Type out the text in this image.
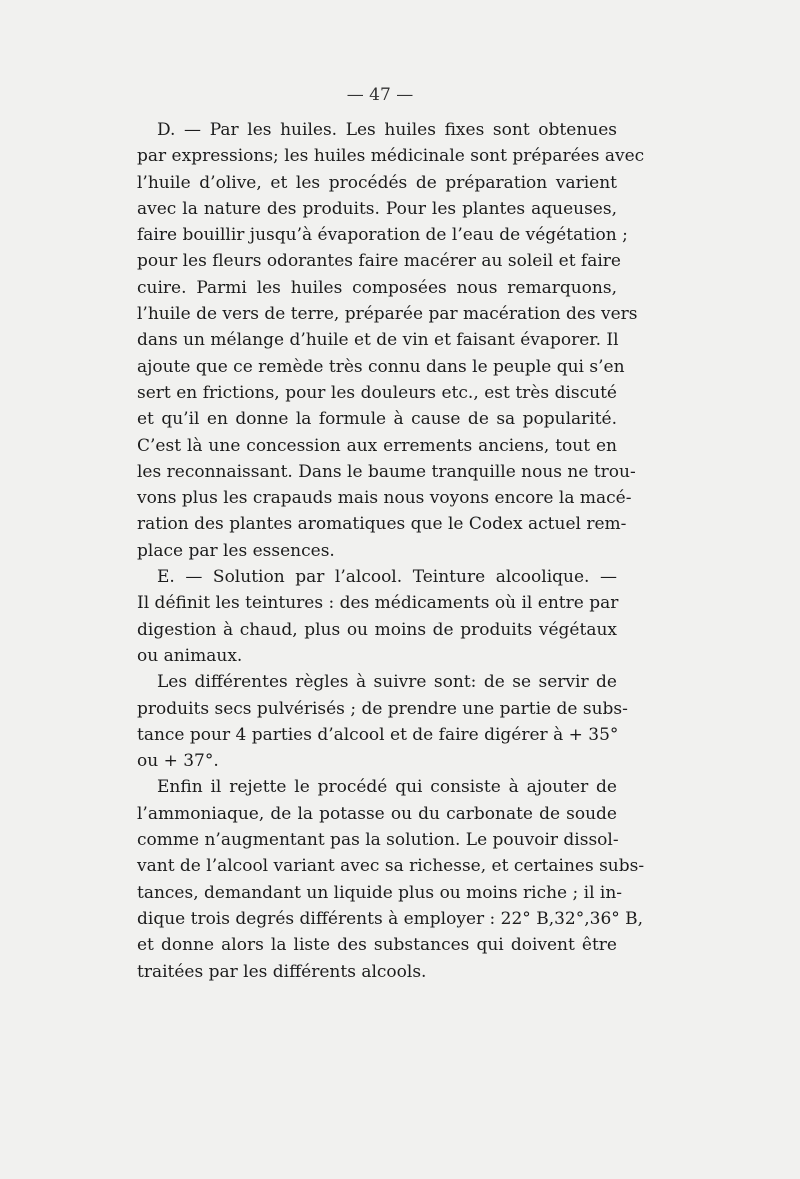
— 47 —
D. — Par les huiles. Les huiles fixes sont obtenues
par expressions; les huiles médicinale sont préparées avec
l’huile d’olive, et les procédés de préparation varient
avec la nature des produits. Pour les plantes aqueuses,
faire bouillir jusqu’à évaporation de l’eau de végétation ;
pour les fleurs odorantes faire macérer au soleil et faire
cuire. Parmi les huiles composées nous remarquons,
l’huile de vers de terre, préparée par macération des vers
dans un mélange d’huile et de vin et faisant évaporer. Il
ajoute que ce remède très connu dans le peuple qui s’en
sert en frictions, pour les douleurs etc., est très discuté
et qu’il en donne la formule à cause de sa popularité.
C’est là une concession aux errements anciens, tout en
les reconnaissant. Dans le baume tranquille nous ne trou-
vons plus les crapauds mais nous voyons encore la macé-
ration des plantes aromatiques que le Codex actuel rem-
place par les essences.
E. — Solution par l’alcool. Teinture alcoolique. —
Il définit les teintures : des médicaments où il entre par
digestion à chaud, plus ou moins de produits végétaux
ou animaux.
Les différentes règles à suivre sont: de se servir de
produits secs pulvérisés ; de prendre une partie de subs-
tance pour 4 parties d’alcool et de faire digérer à + 35°
ou + 37°.
Enfin il rejette le procédé qui consiste à ajouter de
l’ammoniaque, de la potasse ou du carbonate de soude
comme n’augmentant pas la solution. Le pouvoir dissol-
vant de l’alcool variant avec sa richesse, et certaines subs-
tances, demandant un liquide plus ou moins riche ; il in-
dique trois degrés différents à employer : 22° B,32°,36° B,
et donne alors la liste des substances qui doivent être
traitées par les différents alcools.
